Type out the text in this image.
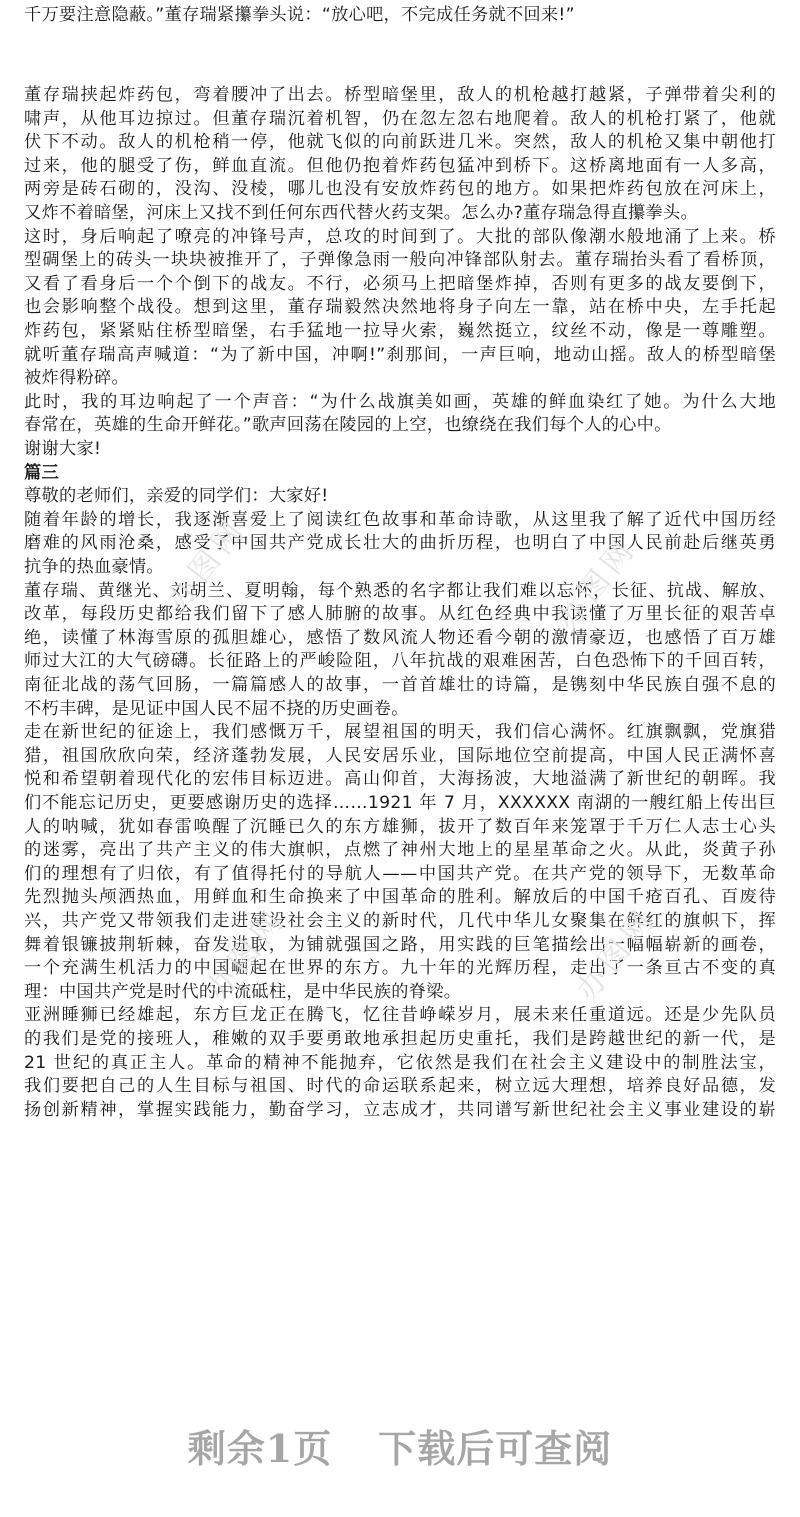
千万要注意隐蔽。”董存瑞紧攥拳头说：“放心吧，不完成任务就不回来!”
董存瑞挟起炸药包，弯着腰冲了出去。桥型暗堡里，敌人的机枪越打越紧，子弹带着尖利的
啸声，从他耳边掠过。但董存瑞沉着机智，仍在忽左忽右地爬着。敌人的机枪打紧了，他就
伏下不动。敌人的机枪稍一停，他就飞似的向前跃进几米。突然，敌人的机枪又集中朝他打
过来，他的腿受了伤，鲜血直流。但他仍抱着炸药包猛冲到桥下。这桥离地面有一人多高，
两旁是砖石砌的，没沟、没棱，哪儿也没有安放炸药包的地方。如果把炸药包放在河床上，
又炸不着暗堡，河床上又找不到任何东西代替火药支架。怎么办?董存瑞急得直攥拳头。
这时，身后响起了嘹亮的冲锋号声，总攻的时间到了。大批的部队像潮水般地涌了上来。桥
型碉堡上的砖头一块块被推开了，子弹像急雨一般向冲锋部队射去。董存瑞抬头看了看桥顶，
又看了看身后一个个倒下的战友。不行，必须马上把暗堡炸掉，否则有更多的战友要倒下，
也会影响整个战役。想到这里，董存瑞毅然决然地将身子向左一靠，站在桥中央，左手托起
炸药包，紧紧贴住桥型暗堡，右手猛地一拉导火索，巍然挺立，纹丝不动，像是一尊雕塑。
就听董存瑞高声喊道：“为了新中国，冲啊!”刹那间，一声巨响，地动山摇。敌人的桥型暗堡
被炸得粉碎。
此时，我的耳边响起了一个声音：“为什么战旗美如画，英雄的鲜血染红了她。为什么大地
春常在，英雄的生命开鲜花。”歌声回荡在陵园的上空，也缭绕在我们每个人的心中。
谢谢大家!
篇三
尊敬的老师们，亲爱的同学们：大家好!
随着年龄的增长，我逐渐喜爱上了阅读红色故事和革命诗歌，从这里我了解了近代中国历经
磨难的风雨沧桑，感受了中国共产党成长壮大的曲折历程，也明白了中国人民前赴后继英勇
抗争的热血豪情。
董存瑞、黄继光、刘胡兰、夏明翰，每个熟悉的名字都让我们难以忘怀，长征、抗战、解放、
改革，每段历史都给我们留下了感人肺腑的故事。从红色经典中我读懂了万里长征的艰苦卓
绝，读懂了林海雪原的孤胆雄心，感悟了数风流人物还看今朝的激情豪迈，也感悟了百万雄
师过大江的大气磅礴。长征路上的严峻险阻，八年抗战的艰难困苦，白色恐怖下的千回百转，
南征北战的荡气回肠，一篇篇感人的故事，一首首雄壮的诗篇，是镌刻中华民族自强不息的
不朽丰碑，是见证中国人民不屈不挠的历史画卷。
走在新世纪的征途上，我们感慨万千，展望祖国的明天，我们信心满怀。红旗飘飘，党旗猎
猎，祖国欣欣向荣，经济蓬勃发展，人民安居乐业，国际地位空前提高，中国人民正满怀喜
悦和希望朝着现代化的宏伟目标迈进。高山仰首，大海扬波，大地溢满了新世纪的朝晖。我
们不能忘记历史，更要感谢历史的选择……1921 年 7 月，XXXXXX 南湖的一艘红船上传出巨
人的呐喊，犹如春雷唤醒了沉睡已久的东方雄狮，拔开了数百年来笼罩于千万仁人志士心头
的迷雾，亮出了共产主义的伟大旗帜，点燃了神州大地上的星星革命之火。从此，炎黄子孙
们的理想有了归依，有了值得托付的导航人——中国共产党。在共产党的领导下，无数革命
先烈抛头颅洒热血，用鲜血和生命换来了中国革命的胜利。解放后的中国千疮百孔、百废待
兴，共产党又带领我们走进建设社会主义的新时代，几代中华儿女聚集在鲜红的旗帜下，挥
舞着银镰披荆斩棘，奋发进取，为铺就强国之路，用实践的巨笔描绘出一幅幅崭新的画卷，
一个充满生机活力的中国崛起在世界的东方。九十年的光辉历程，走出了一条亘古不变的真
理：中国共产党是时代的中流砥柱，是中华民族的脊梁。
亚洲睡狮已经雄起，东方巨龙正在腾飞，忆往昔峥嵘岁月，展未来任重道远。还是少先队员
的我们是党的接班人，稚嫩的双手要勇敢地承担起历史重托，我们是跨越世纪的新一代，是
21 世纪的真正主人。革命的精神不能抛弃，它依然是我们在社会主义建设中的制胜法宝，
我们要把自己的人生目标与祖国、时代的命运联系起来，树立远大理想，培养良好品德，发
扬创新精神，掌握实践能力，勤奋学习，立志成才，共同谱写新世纪社会主义事业建设的崭
办图网	办图网
办图网	办图网
剩余1页 下载后可查阅
